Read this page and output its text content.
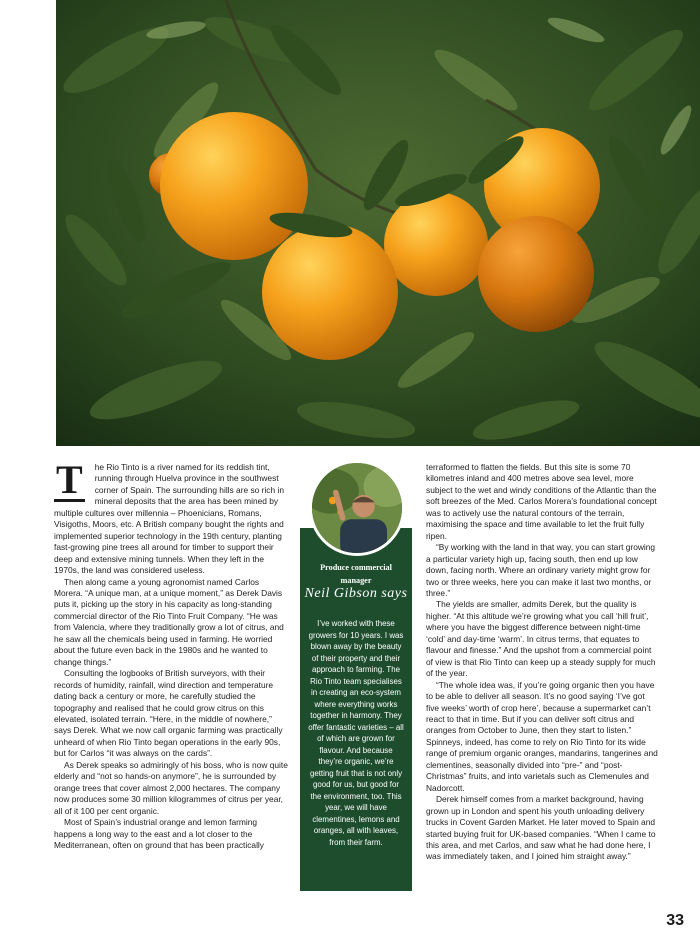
T	he Rio Tinto is a river named for its reddish tint, running through Huelva province in the southwest corner of Spain. The surrounding hills are so rich in mineral deposits that the area has been mined by multiple cultures over millennia – Phoenicians, Romans, Visigoths, Moors, etc. A British company bought the rights and implemented superior technology in the 19th century, planting fast-growing pine trees all around for timber to support their deep and extensive mining tunnels. When they left in the 1970s, the land was considered useless.

Then along came a young agronomist named Carlos Morera. “A unique man, at a unique moment,” as Derek Davis puts it, picking up the story in his capacity as long-standing commercial director of the Rio Tinto Fruit Company. “He was from Valencia, where they traditionally grow a lot of citrus, and he saw all the chemicals being used in farming. He worried about the future even back in the 1980s and he wanted to change things.”

Consulting the logbooks of British surveyors, with their records of humidity, rainfall, wind direction and temperature dating back a century or more, he carefully studied the topography and realised that he could grow citrus on this elevated, isolated terrain. “Here, in the middle of nowhere,” says Derek. What we now call organic farming was practically unheard of when Rio Tinto began operations in the early 90s, but for Carlos “it was always on the cards”.

As Derek speaks so admiringly of his boss, who is now quite elderly and “not so hands-on anymore”, he is surrounded by orange trees that cover almost 2,000 hectares. The company now produces some 30 million kilogrammes of citrus per year, all of it 100 per cent organic.

Most of Spain’s industrial orange and lemon farming happens a long way to the east and a lot closer to the Mediterranean, often on ground that has been practically

Produce commercial
manager
Neil Gibson says
I’ve worked with these growers for 10 years. I was blown away by the beauty of their property and their approach to farming. The Rio Tinto team specialises in creating an eco-system where everything works together in harmony. They offer fantastic varieties – all of which are grown for flavour. And because they’re organic, we’re getting fruit that is not only good for us, but good for the environment, too. This year, we will have clementines, lemons and oranges, all with leaves, from their farm.

terraformed to flatten the fields. But this site is some 70 kilometres inland and 400 metres above sea level, more subject to the wet and windy conditions of the Atlantic than the soft breezes of the Med. Carlos Morera’s foundational concept was to actively use the natural contours of the terrain, maximising the space and time available to let the fruit fully ripen.

“By working with the land in that way, you can start growing a particular variety high up, facing south, then end up low down, facing north. Where an ordinary variety might grow for two or three weeks, here you can make it last two months, or three.”

The yields are smaller, admits Derek, but the quality is higher. “At this altitude we’re growing what you call ‘hill fruit’, where you have the biggest difference between night-time ‘cold’ and day-time ‘warm’. In citrus terms, that equates to flavour and finesse.” And the upshot from a commercial point of view is that Rio Tinto can keep up a steady supply for much of the year.

“The whole idea was, if you’re going organic then you have to be able to deliver all season. It’s no good saying ‘I’ve got five weeks’ worth of crop here’, because a supermarket can’t react to that in time. But if you can deliver soft citrus and oranges from October to June, then they start to listen.” Spinneys, indeed, has come to rely on Rio Tinto for its wide range of premium organic oranges, mandarins, tangerines and clementines, seasonally divided into “pre-” and “post-Christmas” fruits, and into varietals such as Clemenules and Nadorcott.

Derek himself comes from a market background, having grown up in London and spent his youth unloading delivery trucks in Covent Garden Market. He later moved to Spain and started buying fruit for UK-based companies. “When I came to this area, and met Carlos, and saw what he had done here, I was immediately taken, and I joined him straight away.”

33
